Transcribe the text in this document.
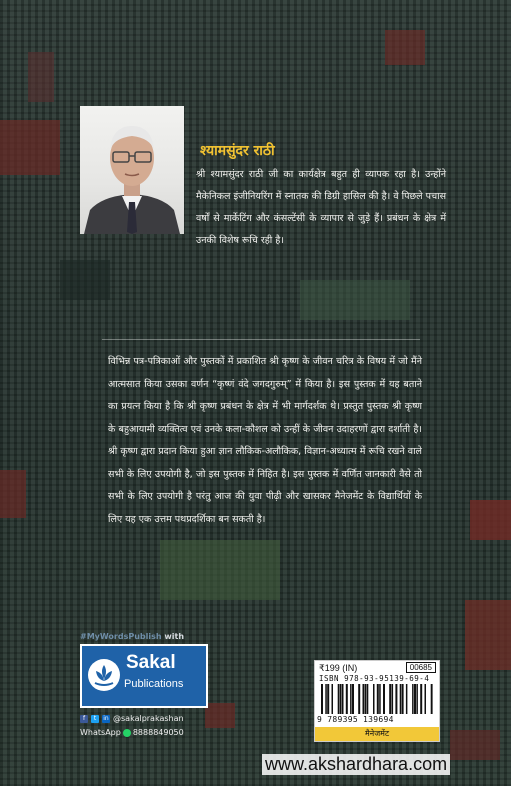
श्यामसुंदर राठी
श्री श्यामसुंदर राठी जी का कार्यक्षेत्र बहुत ही व्यापक रहा है। उन्होंने मैकेनिकल इंजीनियरिंग में स्नातक की डिग्री हासिल की है। वे पिछले पचास वर्षों से मार्केटिंग और कंसल्टेंसी के व्यापार से जुड़े हैं। प्रबंधन के क्षेत्र में उनकी विशेष रूचि रही है।
विभिन्न पत्र-पत्रिकाओं और पुस्तकों में प्रकाशित श्री कृष्ण के जीवन चरित्र के विषय में जो मैंने आत्मसात किया उसका वर्णन “कृष्णं वंदे जगदगुरुम्” में किया है। इस पुस्तक में यह बताने का प्रयत्न किया है कि श्री कृष्ण प्रबंधन के क्षेत्र में भी मार्गदर्शक थे। प्रस्तुत पुस्तक श्री कृष्ण के बहुआयामी व्यक्तित्व एवं उनके कला-कौशल को उन्हीं के जीवन उदाहरणों द्वारा दर्शाती है। श्री कृष्ण द्वारा प्रदान किया हुआ ज्ञान लौकिक-अलौकिक, विज्ञान-अध्यात्म में रूचि रखने वाले सभी के लिए उपयोगी है, जो इस पुस्तक में निहित है। इस पुस्तक में वर्णित जानकारी वैसे तो सभी के लिए उपयोगी है परंतु आज की युवा पीढ़ी और खासकर मैनेजमेंट के विद्यार्थियों के लिए यह एक उत्तम पथप्रदर्शिका बन सकती है।
#MyWordsPublish with
Sakal
Publications
f	t	in @sakalprakashan
WhatsApp 8888849050
₹199 (IN)	00685
ISBN 978-93-95139-69-4
9 789395 139694
मैनेजमेंट
www.akshardhara.com
